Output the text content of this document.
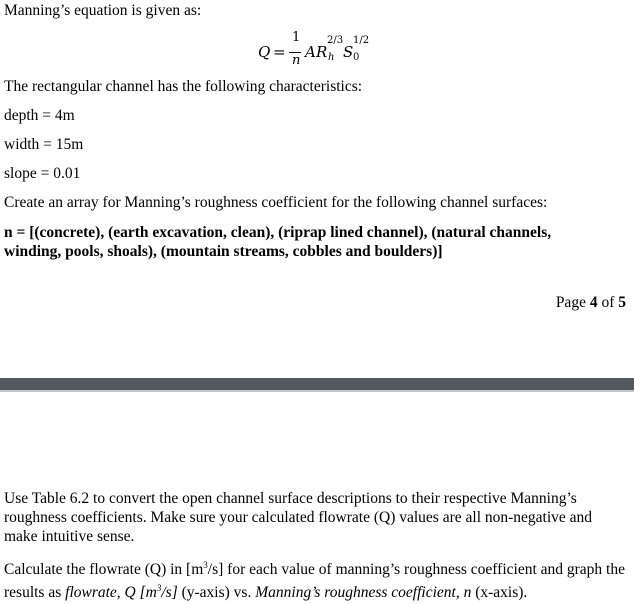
Manning’s equation is given as:
Q =
1
n A R
2/3
h S
1/2
0
The rectangular channel has the following characteristics:
depth = 4m
width = 15m
slope = 0.01
Create an array for Manning’s roughness coefficient for the following channel surfaces:
n = [(concrete), (earth excavation, clean), (riprap lined channel), (natural channels,
winding, pools, shoals), (mountain streams, cobbles and boulders)]
Page 4 of 5
Use Table 6.2 to convert the open channel surface descriptions to their respective Manning’s roughness coefficients. Make sure your calculated flowrate (Q) values are all non-negative and make intuitive sense.
Calculate the flowrate (Q) in $[m^3/s]$ for each value of manning’s roughness coefficient and graph the results as flowrate, Q $[m^3/s]$ (y-axis) vs. Manning’s roughness coefficient, n (x-axis).
